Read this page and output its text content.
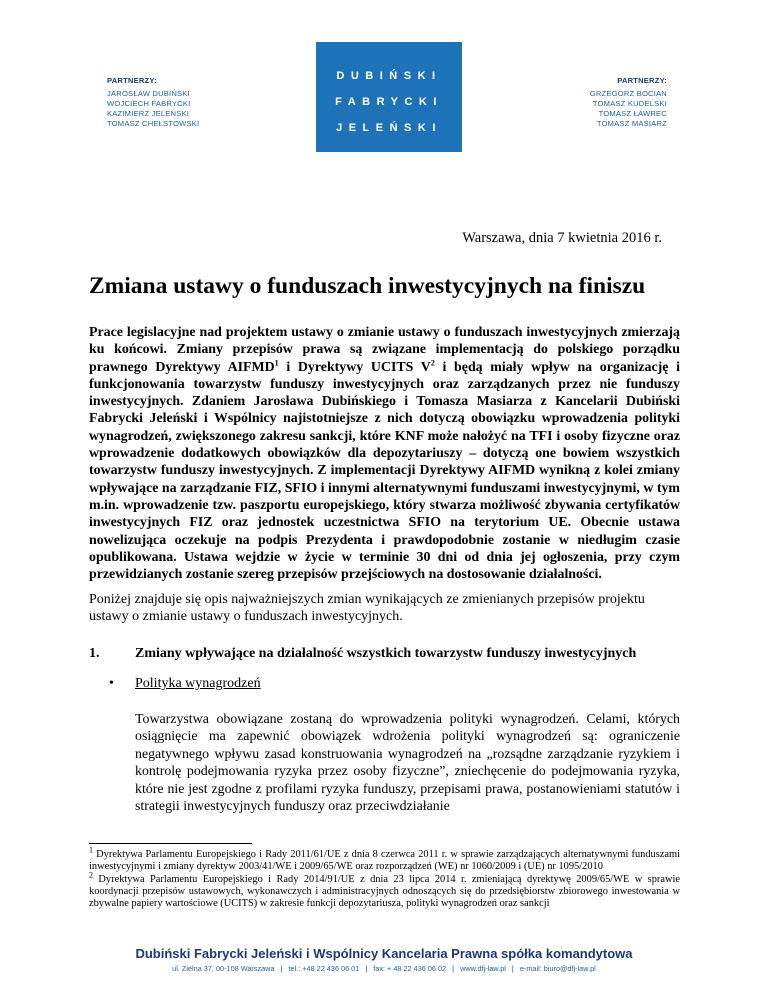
PARTNERZY:
JAROSŁAW DUBIŃSKI
WOJCIECH FABRYCKI
KAZIMIERZ JELEŃSKI
TOMASZ CHEŁSTOWSKI
DUBIŃSKI
FABRYCKI
JELEŃSKI
PARTNERZY:
GRZEGORZ BOCIAN
TOMASZ KUDELSKI
TOMASZ ŁAWREC
TOMASZ MASIARZ
Warszawa, dnia 7 kwietnia 2016 r.
Zmiana ustawy o funduszach inwestycyjnych na finiszu

Prace legislacyjne nad projektem ustawy o zmianie ustawy o funduszach inwestycyjnych zmierzają ku końcowi. Zmiany przepisów prawa są związane implementacją do polskiego porządku prawnego Dyrektywy AIFMD$^1$ i Dyrektywy UCITS $V^2$ i będą miały wpływ na organizację i funkcjonowania towarzystw funduszy inwestycyjnych oraz zarządzanych przez nie funduszy inwestycyjnych. Zdaniem Jarosława Dubińskiego i Tomasza Masiarza z Kancelarii Dubiński Fabrycki Jeleński i Wspólnicy najistotniejsze z nich dotyczą obowiązku wprowadzenia polityki wynagrodzeń, zwiększonego zakresu sankcji, które KNF może nałożyć na TFI i osoby fizyczne oraz wprowadzenie dodatkowych obowiązków dla depozytariuszy – dotyczą one bowiem wszystkich towarzystw funduszy inwestycyjnych. Z implementacji Dyrektywy AIFMD wynikną z kolei zmiany wpływające na zarządzanie FIZ, SFIO i innymi alternatywnymi funduszami inwestycyjnymi, w tym m.in. wprowadzenie tzw. paszportu europejskiego, który stwarza możliwość zbywania certyfikatów inwestycyjnych FIZ oraz jednostek uczestnictwa SFIO na terytorium UE. Obecnie ustawa nowelizująca oczekuje na podpis Prezydenta i prawdopodobnie zostanie w niedługim czasie opublikowana. Ustawa wejdzie w życie w terminie 30 dni od dnia jej ogłoszenia, przy czym przewidzianych zostanie szereg przepisów przejściowych na dostosowanie działalności.

Poniżej znajduje się opis najważniejszych zmian wynikających ze zmienianych przepisów projektu ustawy o zmianie ustawy o funduszach inwestycyjnych.

1.	Zmiany wpływające na działalność wszystkich towarzystw funduszy inwestycyjnych
• Polityka wynagrodzeń

Towarzystwa obowiązane zostaną do wprowadzenia polityki wynagrodzeń. Celami, których osiągnięcie ma zapewnić obowiązek wdrożenia polityki wynagrodzeń są: ograniczenie negatywnego wpływu zasad konstruowania wynagrodzeń na „rozsądne zarządzanie ryzykiem i kontrolę podejmowania ryzyka przez osoby fizyczne”, zniechęcenie do podejmowania ryzyka, które nie jest zgodne z profilami ryzyka funduszy, przepisami prawa, postanowieniami statutów i strategii inwestycyjnych funduszy oraz przeciwdziałanie

$^1$ Dyrektywa Parlamentu Europejskiego i Rady 2011/61/UE z dnia 8 czerwca 2011 r. w sprawie zarządzających alternatywnymi funduszami inwestycyjnymi i zmiany dyrektyw 2003/41/WE i 2009/65/WE oraz rozporządzeń (WE) nr 1060/2009 i (UE) nr 1095/2010

$^2$ Dyrektywa Parlamentu Europejskiego i Rady 2014/91/UE z dnia 23 lipca 2014 r. zmieniającą dyrektywę 2009/65/WE w sprawie koordynacji przepisów ustawowych, wykonawczych i administracyjnych odnoszących się do przedsiębiorstw zbiorowego inwestowania w zbywalne papiery wartościowe (UCITS) w zakresie funkcji depozytariusza, polityki wynagrodzeń oraz sankcji

Dubiński Fabrycki Jeleński i Wspólnicy Kancelaria Prawna spółka komandytowa
ul. Zielna 37, 00-108 Warszawa | tel.: +48 22 436 06 01 | fax: + 48 22 436 06 02 | www.dfj-law.pl | e-mail: biuro@dfj-law.pl
